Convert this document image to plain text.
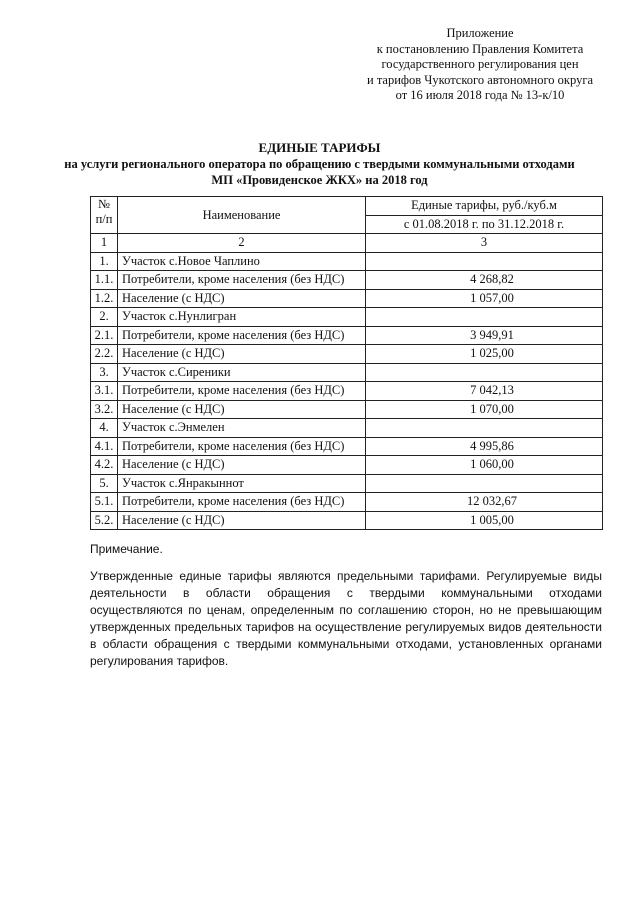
Приложение
к постановлению Правления Комитета
государственного регулирования цен
и тарифов Чукотского автономного округа
от 16 июля 2018 года № 13-к/10
ЕДИНЫЕ ТАРИФЫ
на услуги регионального оператора по обращению с твердыми коммунальными отходами
МП «Провиденское ЖКХ» на 2018 год
№ п/п	Наименование	Единые тарифы, руб./куб.м
		с 01.08.2018 г. по 31.12.2018 г.
1	2	3
1.	Участок с.Новое Чаплино	
1.1.	Потребители, кроме населения (без НДС)	4 268,82
1.2.	Население (с НДС)	1 057,00
2.	Участок с.Нунлигран	
2.1.	Потребители, кроме населения (без НДС)	3 949,91
2.2.	Население (с НДС)	1 025,00
3.	Участок с.Сиреники	
3.1.	Потребители, кроме населения (без НДС)	7 042,13
3.2.	Население (с НДС)	1 070,00
4.	Участок с.Энмелен	
4.1.	Потребители, кроме населения (без НДС)	4 995,86
4.2.	Население (с НДС)	1 060,00
5.	Участок с.Янракыннот	
5.1.	Потребители, кроме населения (без НДС)	12 032,67
5.2.	Население (с НДС)	1 005,00
Примечание.
Утвержденные единые тарифы являются предельными тарифами. Регулируемые виды деятельности в области обращения с твердыми коммунальными отходами осуществляются по ценам, определенным по соглашению сторон, но не превышающим утвержденных предельных тарифов на осуществление регулируемых видов деятельности в области обращения с твердыми коммунальными отходами, установленных органами регулирования тарифов.
